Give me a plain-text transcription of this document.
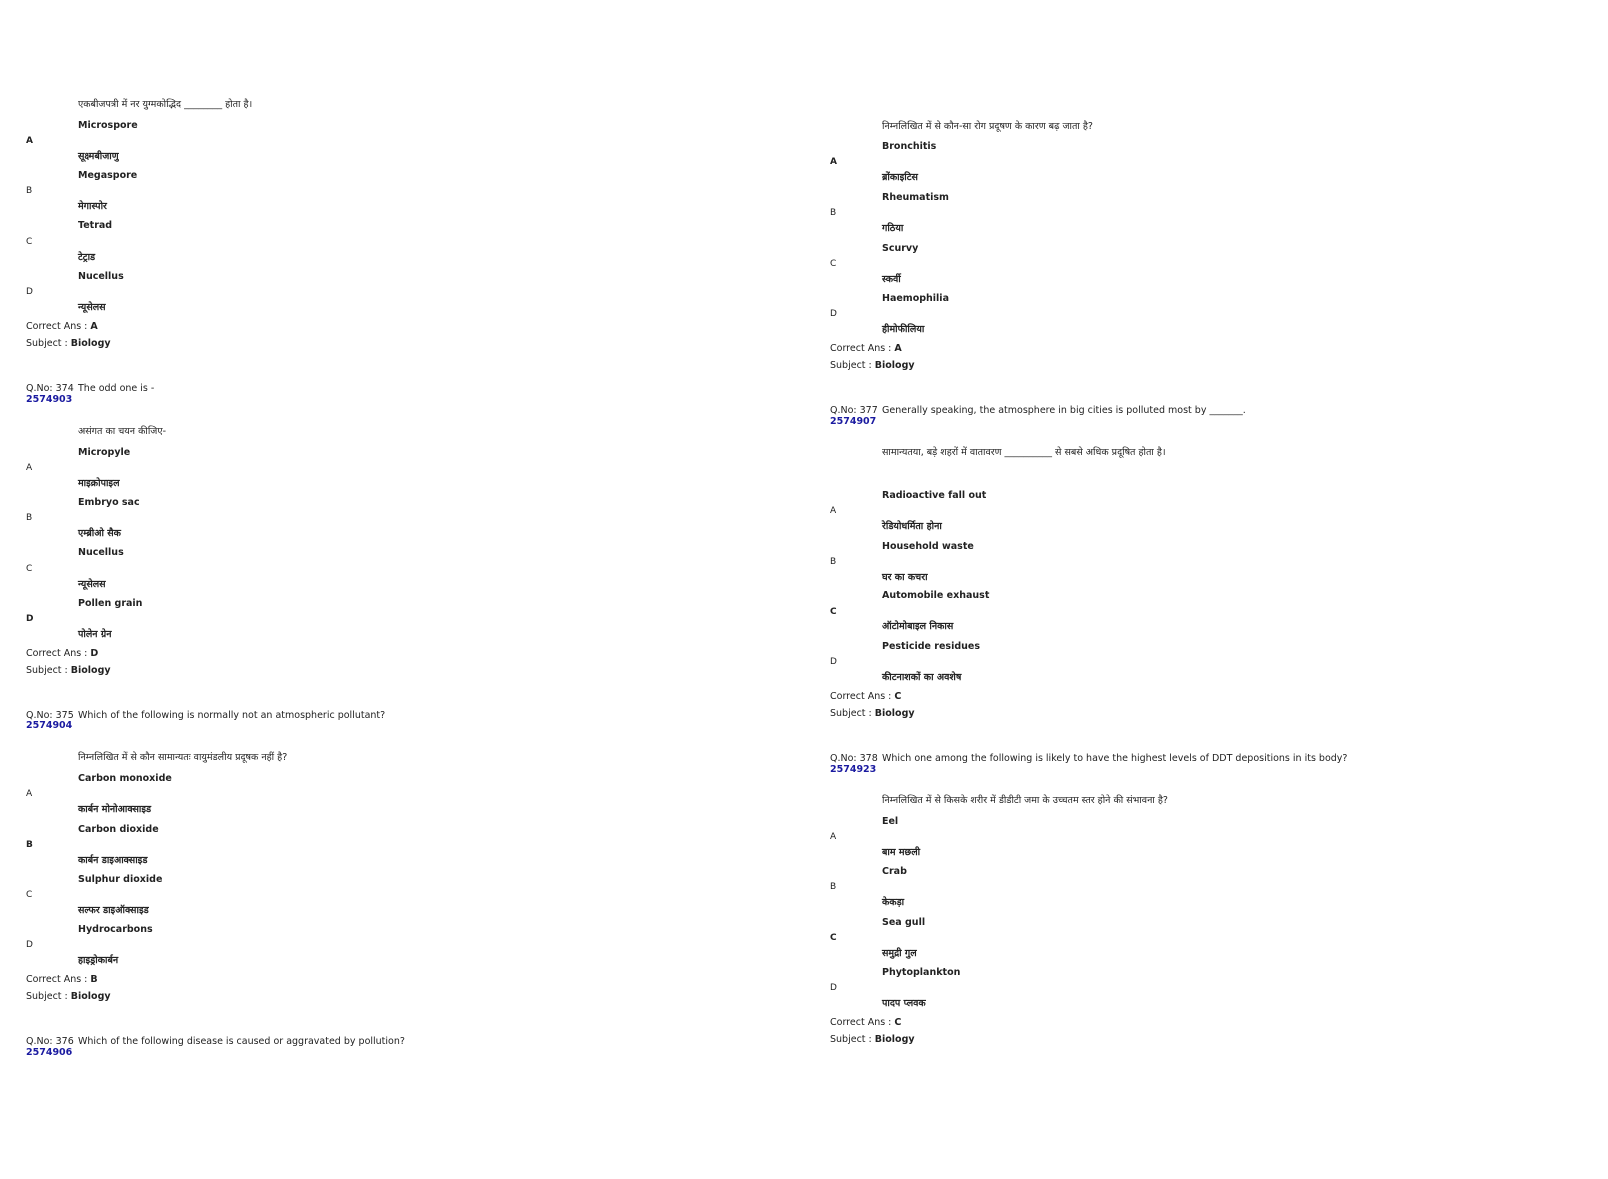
एकबीजपत्री में नर युग्मकोद्भिद ________ होता है।
Microspore
A
सूक्ष्मबीजाणु
Megaspore
B
मेगास्पोर
Tetrad
C
टेट्राड
Nucellus
D
न्यूसेलस
Correct Ans : A
Subject : Biology
Q.No: 374 The odd one is -
2574903
असंगत का चयन कीजिए-
Micropyle
A
माइक्रोपाइल
Embryo sac
B
एम्ब्रीओ सैक
Nucellus
C
न्यूसेलस
Pollen grain
D
पोलेन ग्रेन
Correct Ans : D
Subject : Biology
Q.No: 375 Which of the following is normally not an atmospheric pollutant?
2574904
निम्नलिखित में से कौन सामान्यतः वायुमंडलीय प्रदूषक नहीं है?
Carbon monoxide
A
कार्बन मोनोआक्साइड
Carbon dioxide
B
कार्बन डाइआक्साइड
Sulphur dioxide
C
सल्फर डाइऑक्साइड
Hydrocarbons
D
हाइड्रोकार्बन
Correct Ans : B
Subject : Biology
Q.No: 376 Which of the following disease is caused or aggravated by pollution?
2574906
निम्नलिखित में से कौन-सा रोग प्रदूषण के कारण बढ़ जाता है?
Bronchitis
A
ब्रोंकाइटिस
Rheumatism
B
गठिया
Scurvy
C
स्कर्वी
Haemophilia
D
हीमोफीलिया
Correct Ans : A
Subject : Biology
Q.No: 377 Generally speaking, the atmosphere in big cities is polluted most by _______.
2574907
सामान्यतया, बड़े शहरों में वातावरण __________ से सबसे अधिक प्रदूषित होता है।
Radioactive fall out
A
रेडियोधर्मिता होना
Household waste
B
घर का कचरा
Automobile exhaust
C
ऑटोमोबाइल निकास
Pesticide residues
D
कीटनाशकों का अवशेष
Correct Ans : C
Subject : Biology
Q.No: 378 Which one among the following is likely to have the highest levels of DDT depositions in its body?
2574923
निम्नलिखित में से किसके शरीर में डीडीटी जमा के उच्चतम स्तर होने की संभावना है?
Eel
A
बाम मछली
Crab
B
केकड़ा
Sea gull
C
समुद्री गुल
Phytoplankton
D
पादप प्लवक
Correct Ans : C
Subject : Biology
